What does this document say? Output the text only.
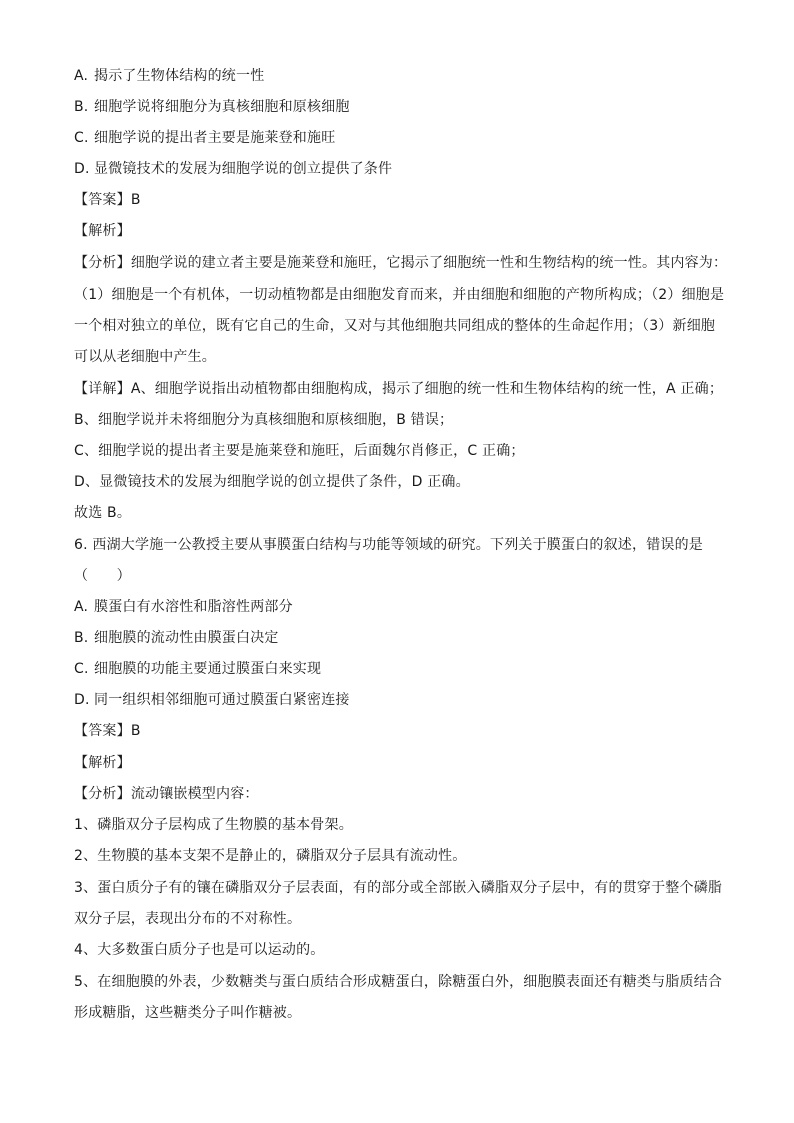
A. 揭示了生物体结构的统一性
B. 细胞学说将细胞分为真核细胞和原核细胞
C. 细胞学说的提出者主要是施莱登和施旺
D. 显微镜技术的发展为细胞学说的创立提供了条件
【答案】B
【解析】
【分析】细胞学说的建立者主要是施莱登和施旺，它揭示了细胞统一性和生物结构的统一性。其内容为：
（1）细胞是一个有机体，一切动植物都是由细胞发育而来，并由细胞和细胞的产物所构成；（2）细胞是
一个相对独立的单位，既有它自己的生命，又对与其他细胞共同组成的整体的生命起作用；（3）新细胞
可以从老细胞中产生。
【详解】A、细胞学说指出动植物都由细胞构成，揭示了细胞的统一性和生物体结构的统一性，A 正确；
B、细胞学说并未将细胞分为真核细胞和原核细胞，B 错误；
C、细胞学说的提出者主要是施莱登和施旺，后面魏尔肖修正，C 正确；
D、显微镜技术的发展为细胞学说的创立提供了条件，D 正确。
故选 B。
6. 西湖大学施一公教授主要从事膜蛋白结构与功能等领域的研究。下列关于膜蛋白的叙述，错误的是
（　　）
A. 膜蛋白有水溶性和脂溶性两部分
B. 细胞膜的流动性由膜蛋白决定
C. 细胞膜的功能主要通过膜蛋白来实现
D. 同一组织相邻细胞可通过膜蛋白紧密连接
【答案】B
【解析】
【分析】流动镶嵌模型内容：
1、磷脂双分子层构成了生物膜的基本骨架。
2、生物膜的基本支架不是静止的，磷脂双分子层具有流动性。
3、蛋白质分子有的镶在磷脂双分子层表面，有的部分或全部嵌入磷脂双分子层中，有的贯穿于整个磷脂
双分子层，表现出分布的不对称性。
4、大多数蛋白质分子也是可以运动的。
5、在细胞膜的外表，少数糖类与蛋白质结合形成糖蛋白，除糖蛋白外，细胞膜表面还有糖类与脂质结合
形成糖脂，这些糖类分子叫作糖被。
